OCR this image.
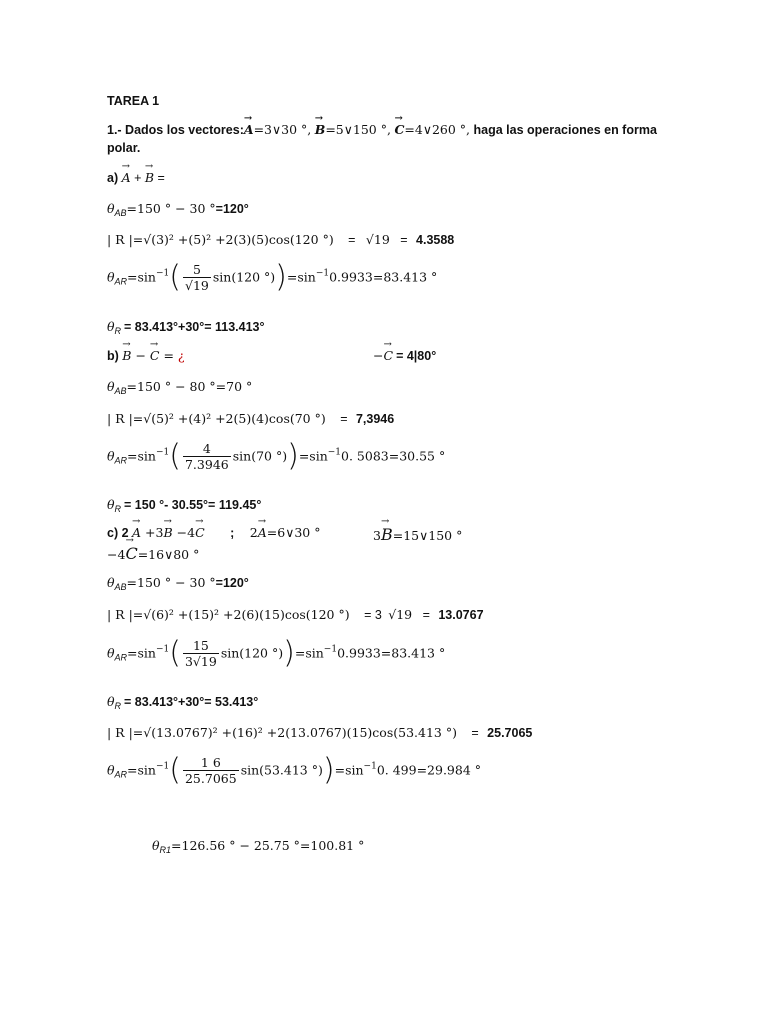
TAREA 1
1.- Dados los vectores:→ A=3∨30 °, → B=5∨150 °, → C=4∨260 °, haga las operaciones en forma
polar.
a) → A + → B =
$\theta_{AB}=150$ ° − 30 °=120°
| R |=√(3)² +(5)² +2(3)(5)cos(120 °) = √19 = 4.3588
$\theta_{AR}=\sin^{-1}( \frac{5}{√19} \sin(120$ $^\circ))=\sin^{-1}0.9933=83.413$ °
$\theta_R = 83.413^\circ+30^\circ= 113.413^\circ$
b) → B − → C = ¿	−→ C = 4|80°
$\theta_{AB}=150$ ° − 80 °=70 °
| R |=√(5)² +(4)² +2(5)(4)cos(70 °) = 7,3946
$\theta_{AR}=\sin^{-1}( \frac{4}{7.3946} \sin(70$ $^\circ))=\sin^{-1}0$. 5083=30.55 °
$\theta_R = 150$ °- 30.55°= 119.45°
c) 2 → A +3→ B −4→ C ; 2→ A=6∨30 °	3→ B=15∨150 °
−4→ C=16∨80 °
$\theta_{AB}=150$ ° − 30 °=120°
| R |=√(6)² +(15)² +2(6)(15)cos(120 °) = 3 √19 = 13.0767
$\theta_{AR}=\sin^{-1}( \frac{15}{3√19} \sin(120$ $^\circ))=\sin^{-1}0.9933=83.413$ °
$\theta_R = 83.413^\circ+30^\circ= 53.413^\circ$
| R |=√(13.0767)² +(16)² +2(13.0767)(15)cos(53.413 °) = 25.7065
$\theta_{AR}=\sin^{-1}( \frac{1 6}{25.7065} \sin(53.413$ $^\circ))=\sin^{-1}0$. 499=29.984 °
$\theta_{R1}=126.56$ ° − 25.75 °=100.81 °
